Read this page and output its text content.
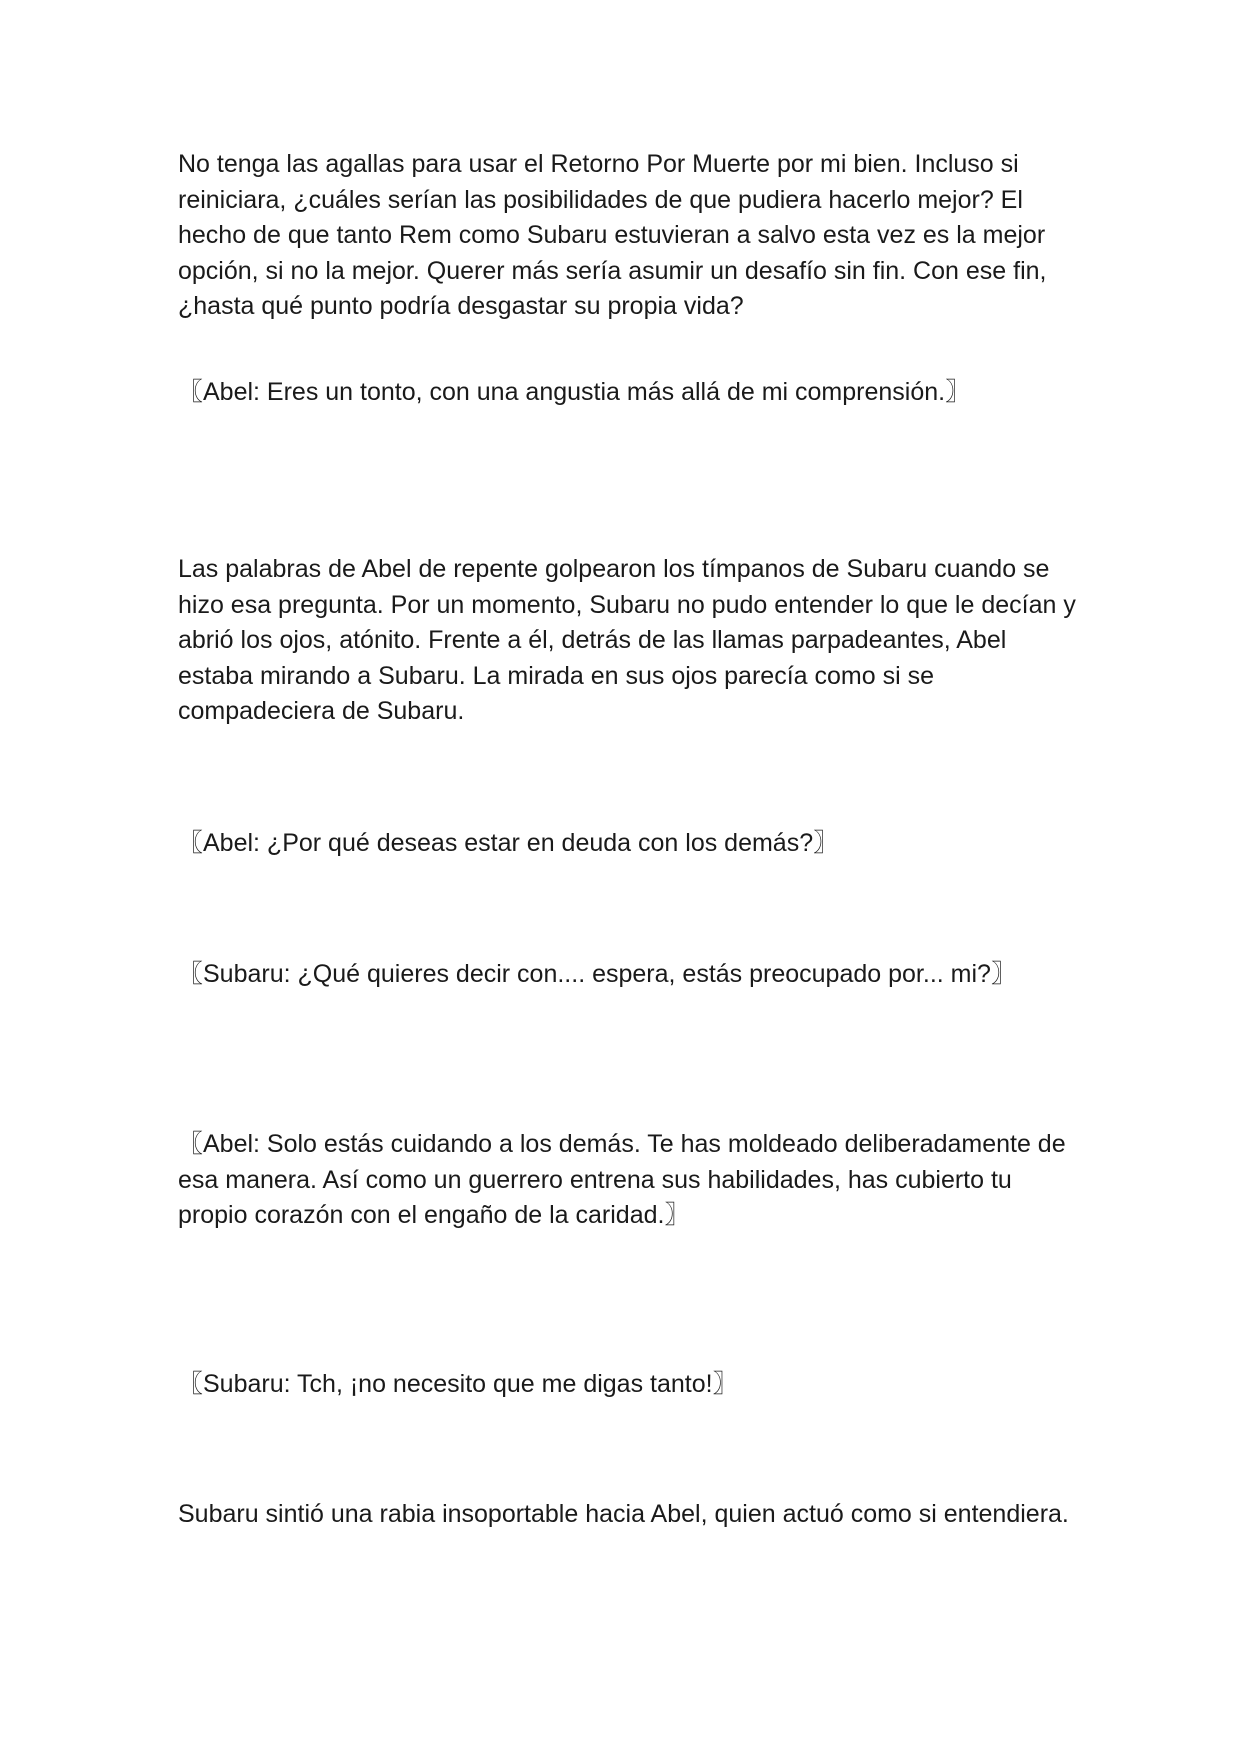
No tenga las agallas para usar el Retorno Por Muerte por mi bien. Incluso si reiniciara, ¿cuáles serían las posibilidades de que pudiera hacerlo mejor? El hecho de que tanto Rem como Subaru estuvieran a salvo esta vez es la mejor opción, si no la mejor. Querer más sería asumir un desafío sin fin. Con ese fin, ¿hasta qué punto podría desgastar su propia vida?

〖Abel: Eres un tonto, con una angustia más allá de mi comprensión.〗

Las palabras de Abel de repente golpearon los tímpanos de Subaru cuando se hizo esa pregunta. Por un momento, Subaru no pudo entender lo que le decían y abrió los ojos, atónito. Frente a él, detrás de las llamas parpadeantes, Abel estaba mirando a Subaru. La mirada en sus ojos parecía como si se compadeciera de Subaru.

〖Abel: ¿Por qué deseas estar en deuda con los demás?〗

〖Subaru: ¿Qué quieres decir con.... espera, estás preocupado por... mi?〗

〖Abel: Solo estás cuidando a los demás. Te has moldeado deliberadamente de esa manera. Así como un guerrero entrena sus habilidades, has cubierto tu propio corazón con el engaño de la caridad.〗

〖Subaru: Tch, ¡no necesito que me digas tanto!〗

Subaru sintió una rabia insoportable hacia Abel, quien actuó como si entendiera.
